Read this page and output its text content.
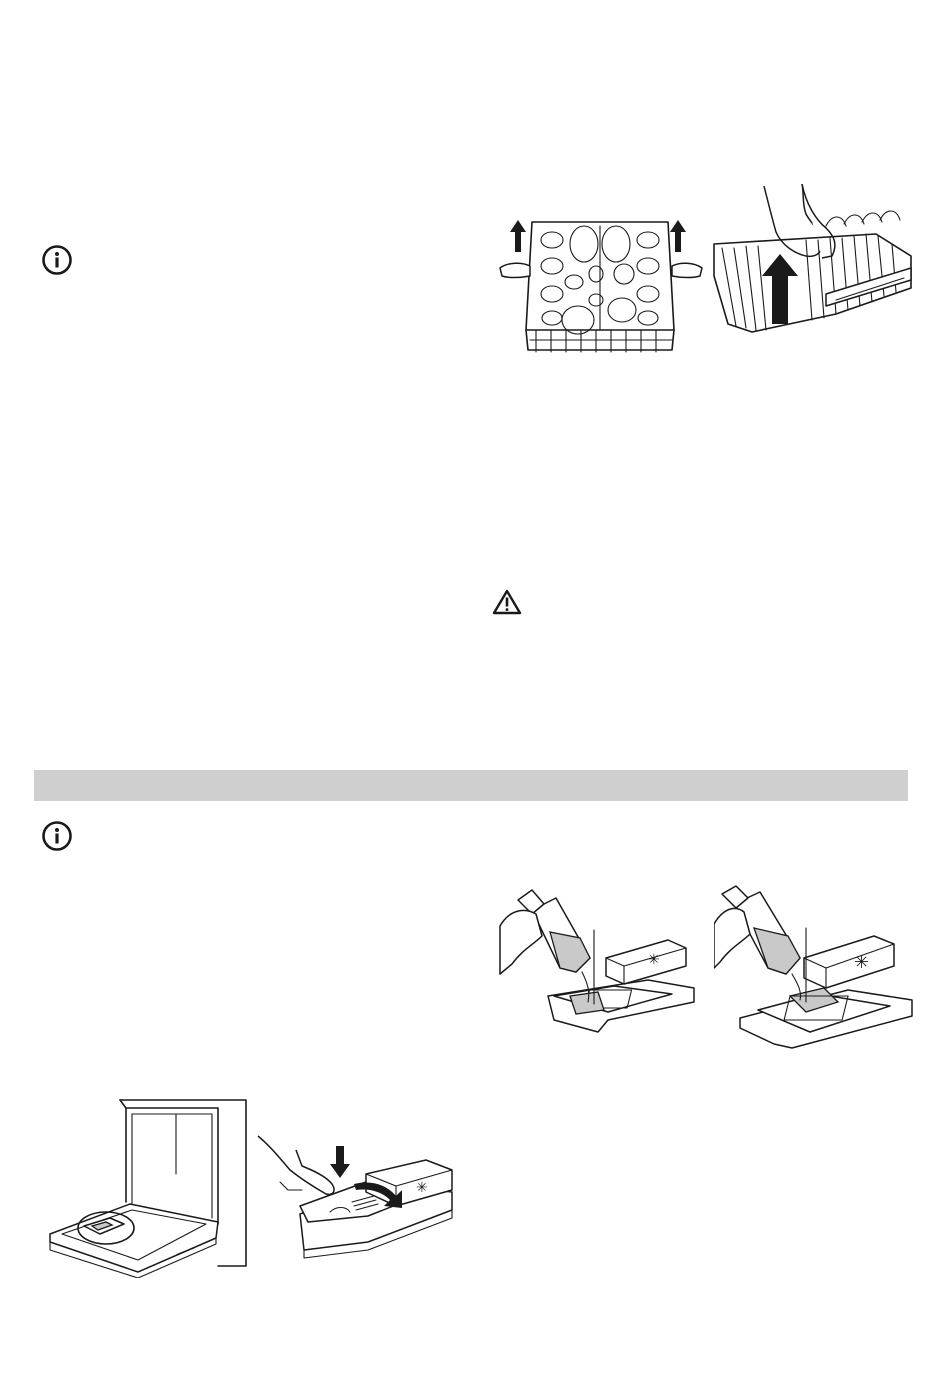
✳	✳
✳
